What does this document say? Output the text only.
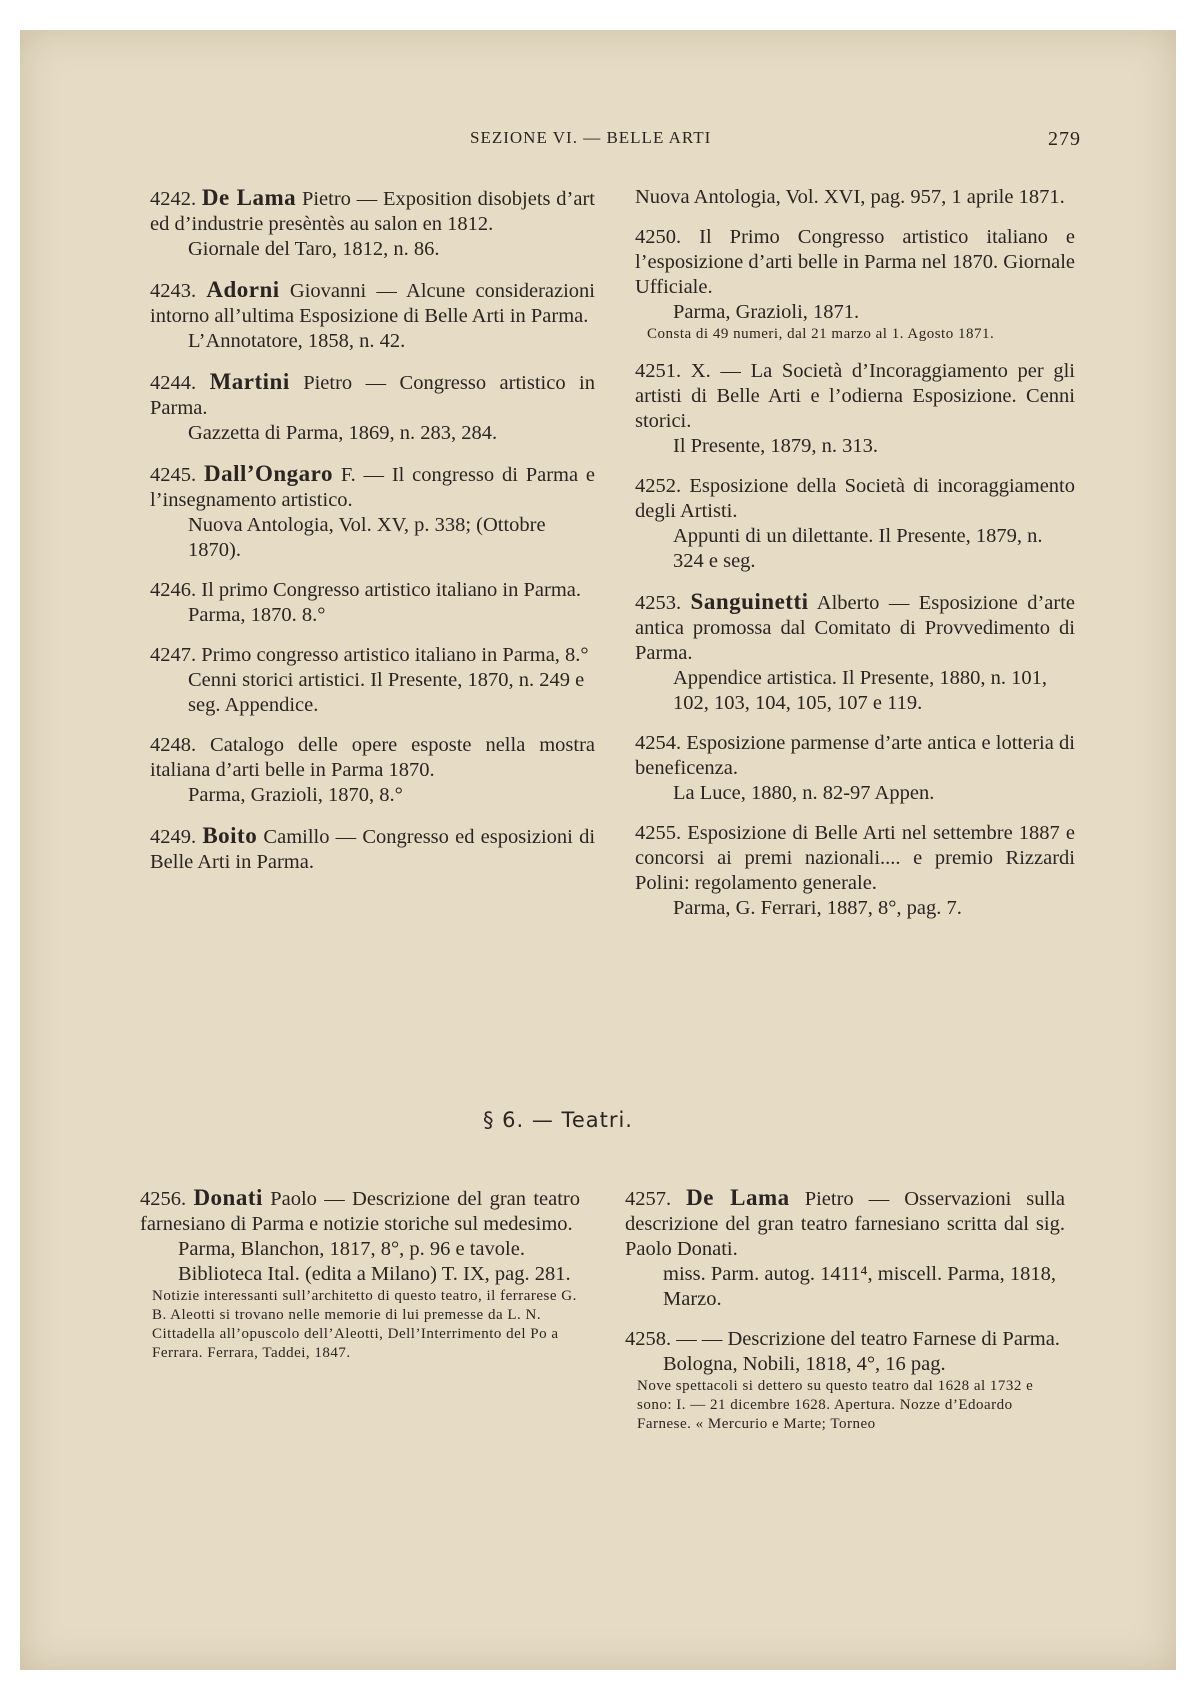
SEZIONE VI. — BELLE ARTI	279

4242. De Lama Pietro — Exposition disobjets d’art ed d’industrie presèntès au salon en 1812.

Giornale del Taro, 1812, n. 86.

4243. Adorni Giovanni — Alcune considerazioni intorno all’ultima Esposizione di Belle Arti in Parma.

L’Annotatore, 1858, n. 42.

4244. Martini Pietro — Congresso artistico in Parma.

Gazzetta di Parma, 1869, n. 283, 284.

4245. Dall’Ongaro F. — Il congresso di Parma e l’insegnamento artistico.

Nuova Antologia, Vol. XV, p. 338; (Ottobre 1870).

4246. Il primo Congresso artistico italiano in Parma.

Parma, 1870. 8.°

4247. Primo congresso artistico italiano in Parma, 8.°

Cenni storici artistici. Il Presente, 1870, n. 249 e seg. Appendice.

4248. Catalogo delle opere esposte nella mostra italiana d’arti belle in Parma 1870.

Parma, Grazioli, 1870, 8.°

4249. Boito Camillo — Congresso ed esposizioni di Belle Arti in Parma.

Nuova Antologia, Vol. XVI, pag. 957, 1 aprile 1871.

4250. Il Primo Congresso artistico italiano e l’esposizione d’arti belle in Parma nel 1870. Giornale Ufficiale.

Parma, Grazioli, 1871.

Consta di 49 numeri, dal 21 marzo al 1. Agosto 1871.

4251. X. — La Società d’Incoraggiamento per gli artisti di Belle Arti e l’odierna Esposizione. Cenni storici.

Il Presente, 1879, n. 313.

4252. Esposizione della Società di incoraggiamento degli Artisti.

Appunti di un dilettante. Il Presente, 1879, n. 324 e seg.

4253. Sanguinetti Alberto — Esposizione d’arte antica promossa dal Comitato di Provvedimento di Parma.

Appendice artistica. Il Presente, 1880, n. 101, 102, 103, 104, 105, 107 e 119.

4254. Esposizione parmense d’arte antica e lotteria di beneficenza.

La Luce, 1880, n. 82-97 Appen.

4255. Esposizione di Belle Arti nel settembre 1887 e concorsi ai premi nazionali.... e premio Rizzardi Polini: regolamento generale.

Parma, G. Ferrari, 1887, 8°, pag. 7.

§ 6. — Teatri.

4256. Donati Paolo — Descrizione del gran teatro farnesiano di Parma e notizie storiche sul medesimo.

Parma, Blanchon, 1817, 8°, p. 96 e tavole. Biblioteca Ital. (edita a Milano) T. IX, pag. 281.

Notizie interessanti sull’architetto di questo teatro, il ferrarese G. B. Aleotti si trovano nelle memorie di lui premesse da L. N. Cittadella all’opuscolo dell’Aleotti, Dell’Interrimento del Po a Ferrara. Ferrara, Taddei, 1847.

4257. De Lama Pietro — Osservazioni sulla descrizione del gran teatro farnesiano scritta dal sig. Paolo Donati.

miss. Parm. autog. 1411⁴, miscell. Parma, 1818, Marzo.

4258. — — Descrizione del teatro Farnese di Parma.

Bologna, Nobili, 1818, 4°, 16 pag.

Nove spettacoli si dettero su questo teatro dal 1628 al 1732 e sono: I. — 21 dicembre 1628. Apertura. Nozze d’Edoardo Farnese. « Mercurio e Marte; Torneo
